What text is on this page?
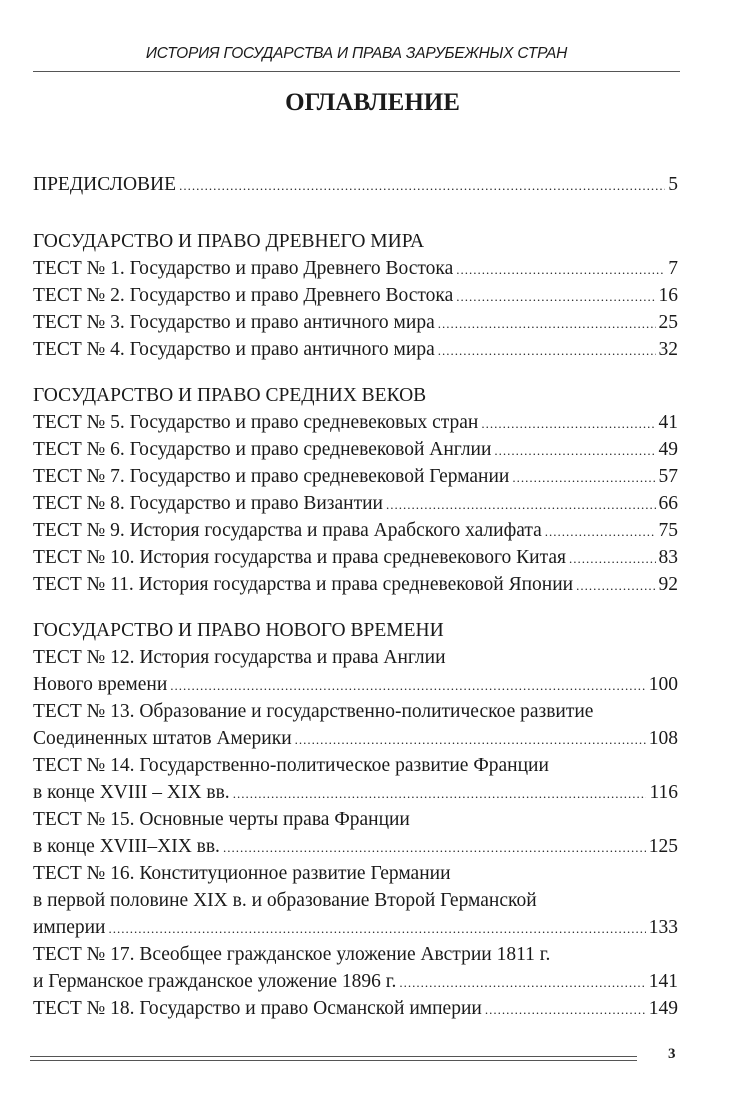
ИСТОРИЯ ГОСУДАРСТВА И ПРАВА ЗАРУБЕЖНЫХ СТРАН
ОГЛАВЛЕНИЕ
ПРЕДИСЛОВИЕ .....	5
ГОСУДАРСТВО И ПРАВО ДРЕВНЕГО МИРА
ТЕСТ № 1. Государство и право Древнего Востока .....	7
ТЕСТ № 2. Государство и право Древнего Востока .....	16
ТЕСТ № 3. Государство и право античного мира .....	25
ТЕСТ № 4. Государство и право античного мира .....	32
ГОСУДАРСТВО И ПРАВО СРЕДНИХ ВЕКОВ
ТЕСТ № 5. Государство и право средневековых стран .....	41
ТЕСТ № 6. Государство и право средневековой Англии .....	49
ТЕСТ № 7. Государство и право средневековой Германии .....	57
ТЕСТ № 8. Государство и право Византии .....	66
ТЕСТ № 9. История государства и права Арабского халифата .....	75
ТЕСТ № 10. История государства и права средневекового Китая .....	83
ТЕСТ № 11. История государства и права средневековой Японии .....	92
ГОСУДАРСТВО И ПРАВО НОВОГО ВРЕМЕНИ
ТЕСТ № 12. История государства и права Англии
Нового времени .....	100
ТЕСТ № 13. Образование и государственно-политическое развитие
Соединенных штатов Америки .....	108
ТЕСТ № 14. Государственно-политическое развитие Франции
в конце XVIII – XIX вв. .....	116
ТЕСТ № 15. Основные черты права Франции
в конце XVIII–XIX вв. .....	125
ТЕСТ № 16. Конституционное развитие Германии
в первой половине XIX в. и образование Второй Германской
империи .....	133
ТЕСТ № 17. Всеобщее гражданское уложение Австрии 1811 г.
и Германское гражданское уложение 1896 г. .....	141
ТЕСТ № 18. Государство и право Османской империи .....	149
3
